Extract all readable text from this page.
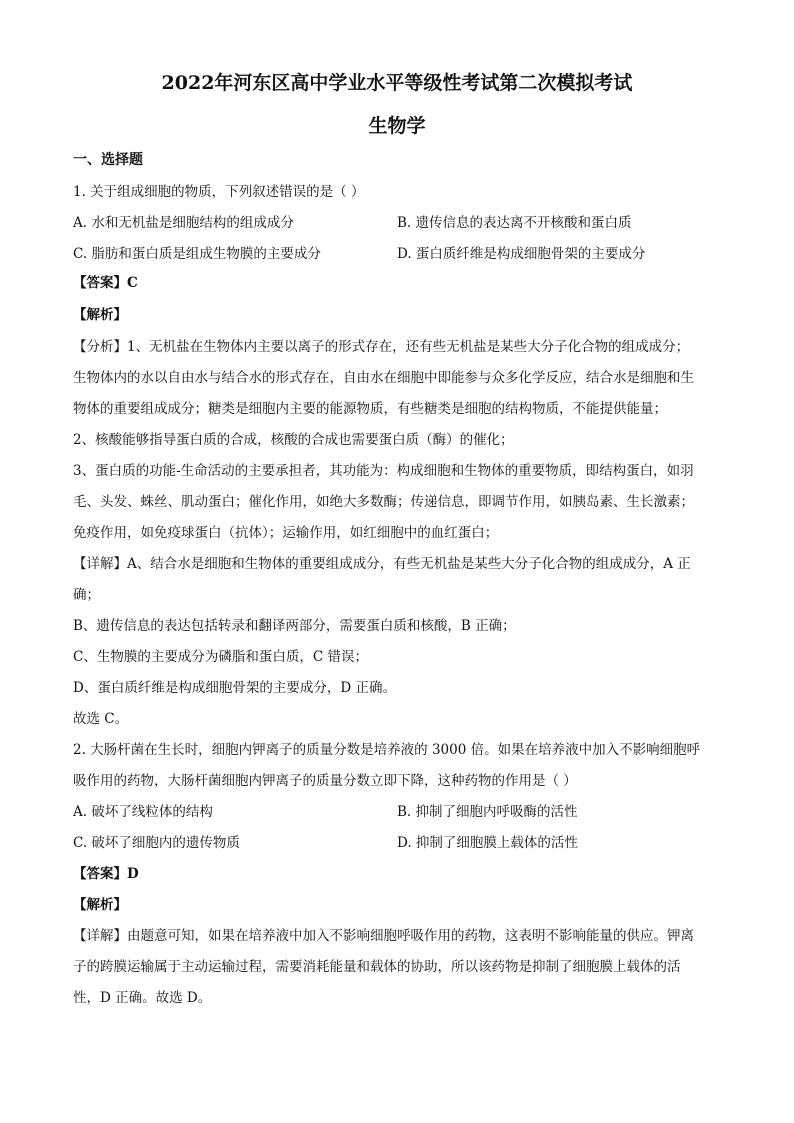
2022年河东区高中学业水平等级性考试第二次模拟考试
生物学
一、选择题
1. 关于组成细胞的物质，下列叙述错误的是（ ）
A. 水和无机盐是细胞结构的组成成分	B. 遗传信息的表达离不开核酸和蛋白质
C. 脂肪和蛋白质是组成生物膜的主要成分	D. 蛋白质纤维是构成细胞骨架的主要成分
【答案】C
【解析】
【分析】1、无机盐在生物体内主要以离子的形式存在，还有些无机盐是某些大分子化合物的组成成分；
生物体内的水以自由水与结合水的形式存在，自由水在细胞中即能参与众多化学反应，结合水是细胞和生
物体的重要组成成分；糖类是细胞内主要的能源物质，有些糖类是细胞的结构物质，不能提供能量；
2、核酸能够指导蛋白质的合成，核酸的合成也需要蛋白质（酶）的催化；
3、蛋白质的功能-生命活动的主要承担者，其功能为：构成细胞和生物体的重要物质，即结构蛋白，如羽
毛、头发、蛛丝、肌动蛋白；催化作用，如绝大多数酶；传递信息，即调节作用，如胰岛素、生长激素；
免疫作用，如免疫球蛋白（抗体）；运输作用，如红细胞中的血红蛋白；
【详解】A、结合水是细胞和生物体的重要组成成分，有些无机盐是某些大分子化合物的组成成分，A 正
确；
B、遗传信息的表达包括转录和翻译两部分，需要蛋白质和核酸，B 正确；
C、生物膜的主要成分为磷脂和蛋白质，C 错误；
D、蛋白质纤维是构成细胞骨架的主要成分，D 正确。
故选 C。
2. 大肠杆菌在生长时，细胞内钾离子的质量分数是培养液的 3000 倍。如果在培养液中加入不影响细胞呼
吸作用的药物，大肠杆菌细胞内钾离子的质量分数立即下降，这种药物的作用是（ ）
A. 破坏了线粒体的结构	B. 抑制了细胞内呼吸酶的活性
C. 破坏了细胞内的遗传物质	D. 抑制了细胞膜上载体的活性
【答案】D
【解析】
【详解】由题意可知，如果在培养液中加入不影响细胞呼吸作用的药物，这表明不影响能量的供应。钾离
子的跨膜运输属于主动运输过程，需要消耗能量和载体的协助，所以该药物是抑制了细胞膜上载体的活
性，D 正确。故选 D。
